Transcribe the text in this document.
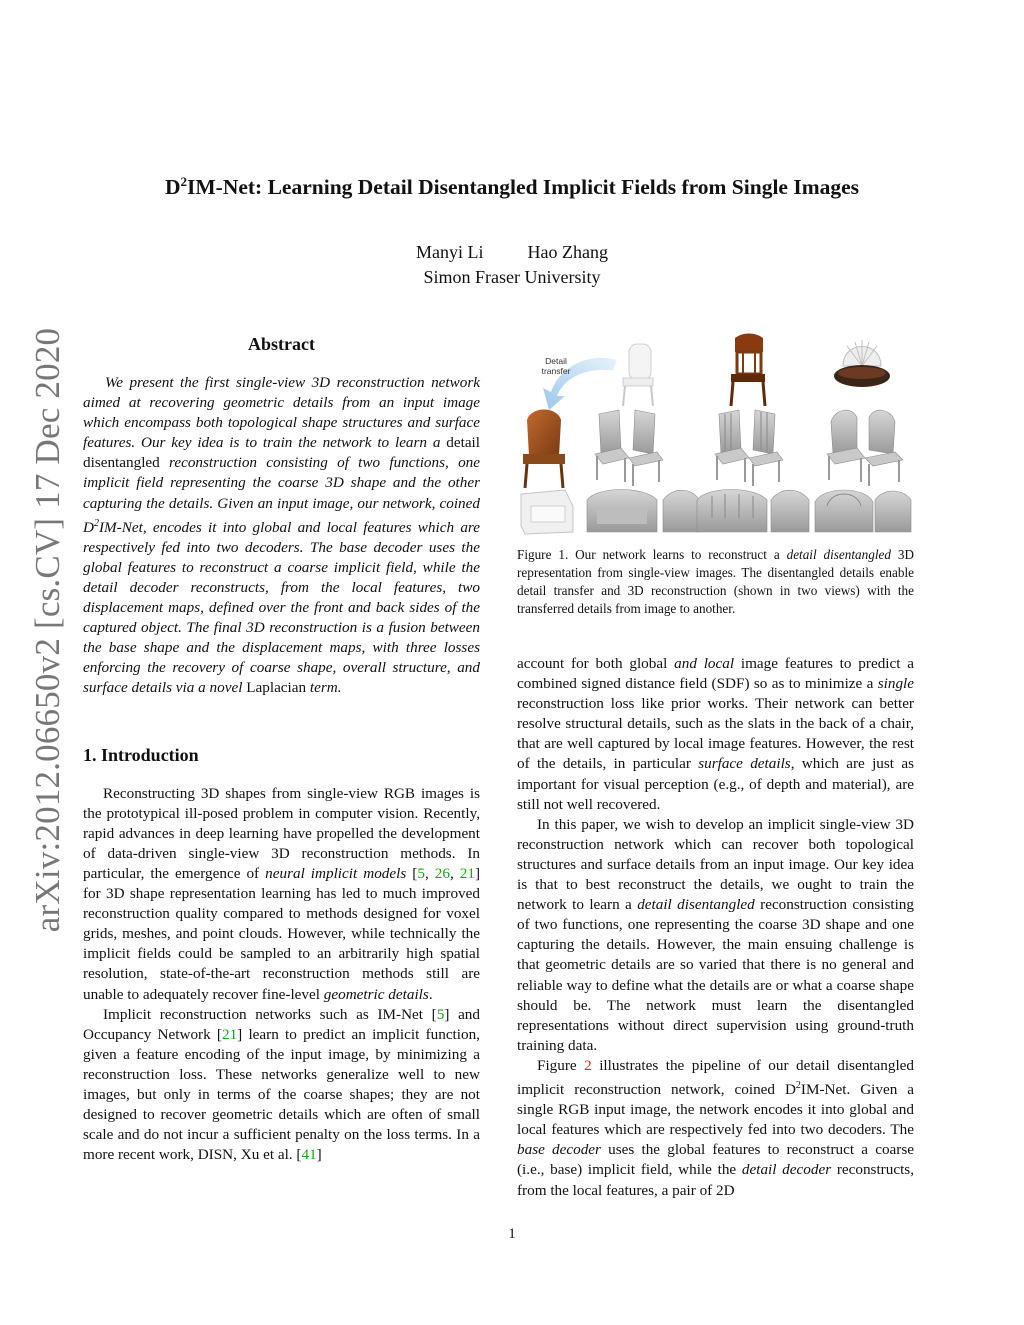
arXiv:2012.06650v2 [cs.CV] 17 Dec 2020
$D^2IM$-Net: Learning Detail Disentangled Implicit Fields from Single Images
Manyi Li Hao Zhang
Simon Fraser University
Abstract

We present the first single-view 3D reconstruction network aimed at recovering geometric details from an input image which encompass both topological shape structures and surface features. Our key idea is to train the network to learn a detail disentangled reconstruction consisting of two functions, one implicit field representing the coarse 3D shape and the other capturing the details. Given an input image, our network, coined $D^2IM$-Net, encodes it into global and local features which are respectively fed into two decoders. The base decoder uses the global features to reconstruct a coarse implicit field, while the detail decoder reconstructs, from the local features, two displacement maps, defined over the front and back sides of the captured object. The final 3D reconstruction is a fusion between the base shape and the displacement maps, with three losses enforcing the recovery of coarse shape, overall structure, and surface details via a novel Laplacian term.

1. Introduction

Reconstructing 3D shapes from single-view RGB images is the prototypical ill-posed problem in computer vision. Recently, rapid advances in deep learning have propelled the development of data-driven single-view 3D reconstruction methods. In particular, the emergence of neural implicit models [5, 26, 21] for 3D shape representation learning has led to much improved reconstruction quality compared to methods designed for voxel grids, meshes, and point clouds. However, while technically the implicit fields could be sampled to an arbitrarily high spatial resolution, state-of-the-art reconstruction methods still are unable to adequately recover fine-level geometric details.

Implicit reconstruction networks such as IM-Net [5] and Occupancy Network [21] learn to predict an implicit function, given a feature encoding of the input image, by minimizing a reconstruction loss. These networks generalize well to new images, but only in terms of the coarse shapes; they are not designed to recover geometric details which are often of small scale and do not incur a sufficient penalty on the loss terms. In a more recent work, DISN, Xu et al. [41]

Detail
transfer

Figure 1. Our network learns to reconstruct a detail disentangled 3D representation from single-view images. The disentangled details enable detail transfer and 3D reconstruction (shown in two views) with the transferred details from image to another.

account for both global and local image features to predict a combined signed distance field (SDF) so as to minimize a single reconstruction loss like prior works. Their network can better resolve structural details, such as the slats in the back of a chair, that are well captured by local image features. However, the rest of the details, in particular surface details, which are just as important for visual perception (e.g., of depth and material), are still not well recovered.

In this paper, we wish to develop an implicit single-view 3D reconstruction network which can recover both topological structures and surface details from an input image. Our key idea is that to best reconstruct the details, we ought to train the network to learn a detail disentangled reconstruction consisting of two functions, one representing the coarse 3D shape and one capturing the details. However, the main ensuing challenge is that geometric details are so varied that there is no general and reliable way to define what the details are or what a coarse shape should be. The network must learn the disentangled representations without direct supervision using ground-truth training data.

Figure 2 illustrates the pipeline of our detail disentangled implicit reconstruction network, coined $D^2IM$-Net. Given a single RGB input image, the network encodes it into global and local features which are respectively fed into two decoders. The base decoder uses the global features to reconstruct a coarse (i.e., base) implicit field, while the detail decoder reconstructs, from the local features, a pair of 2D

1
